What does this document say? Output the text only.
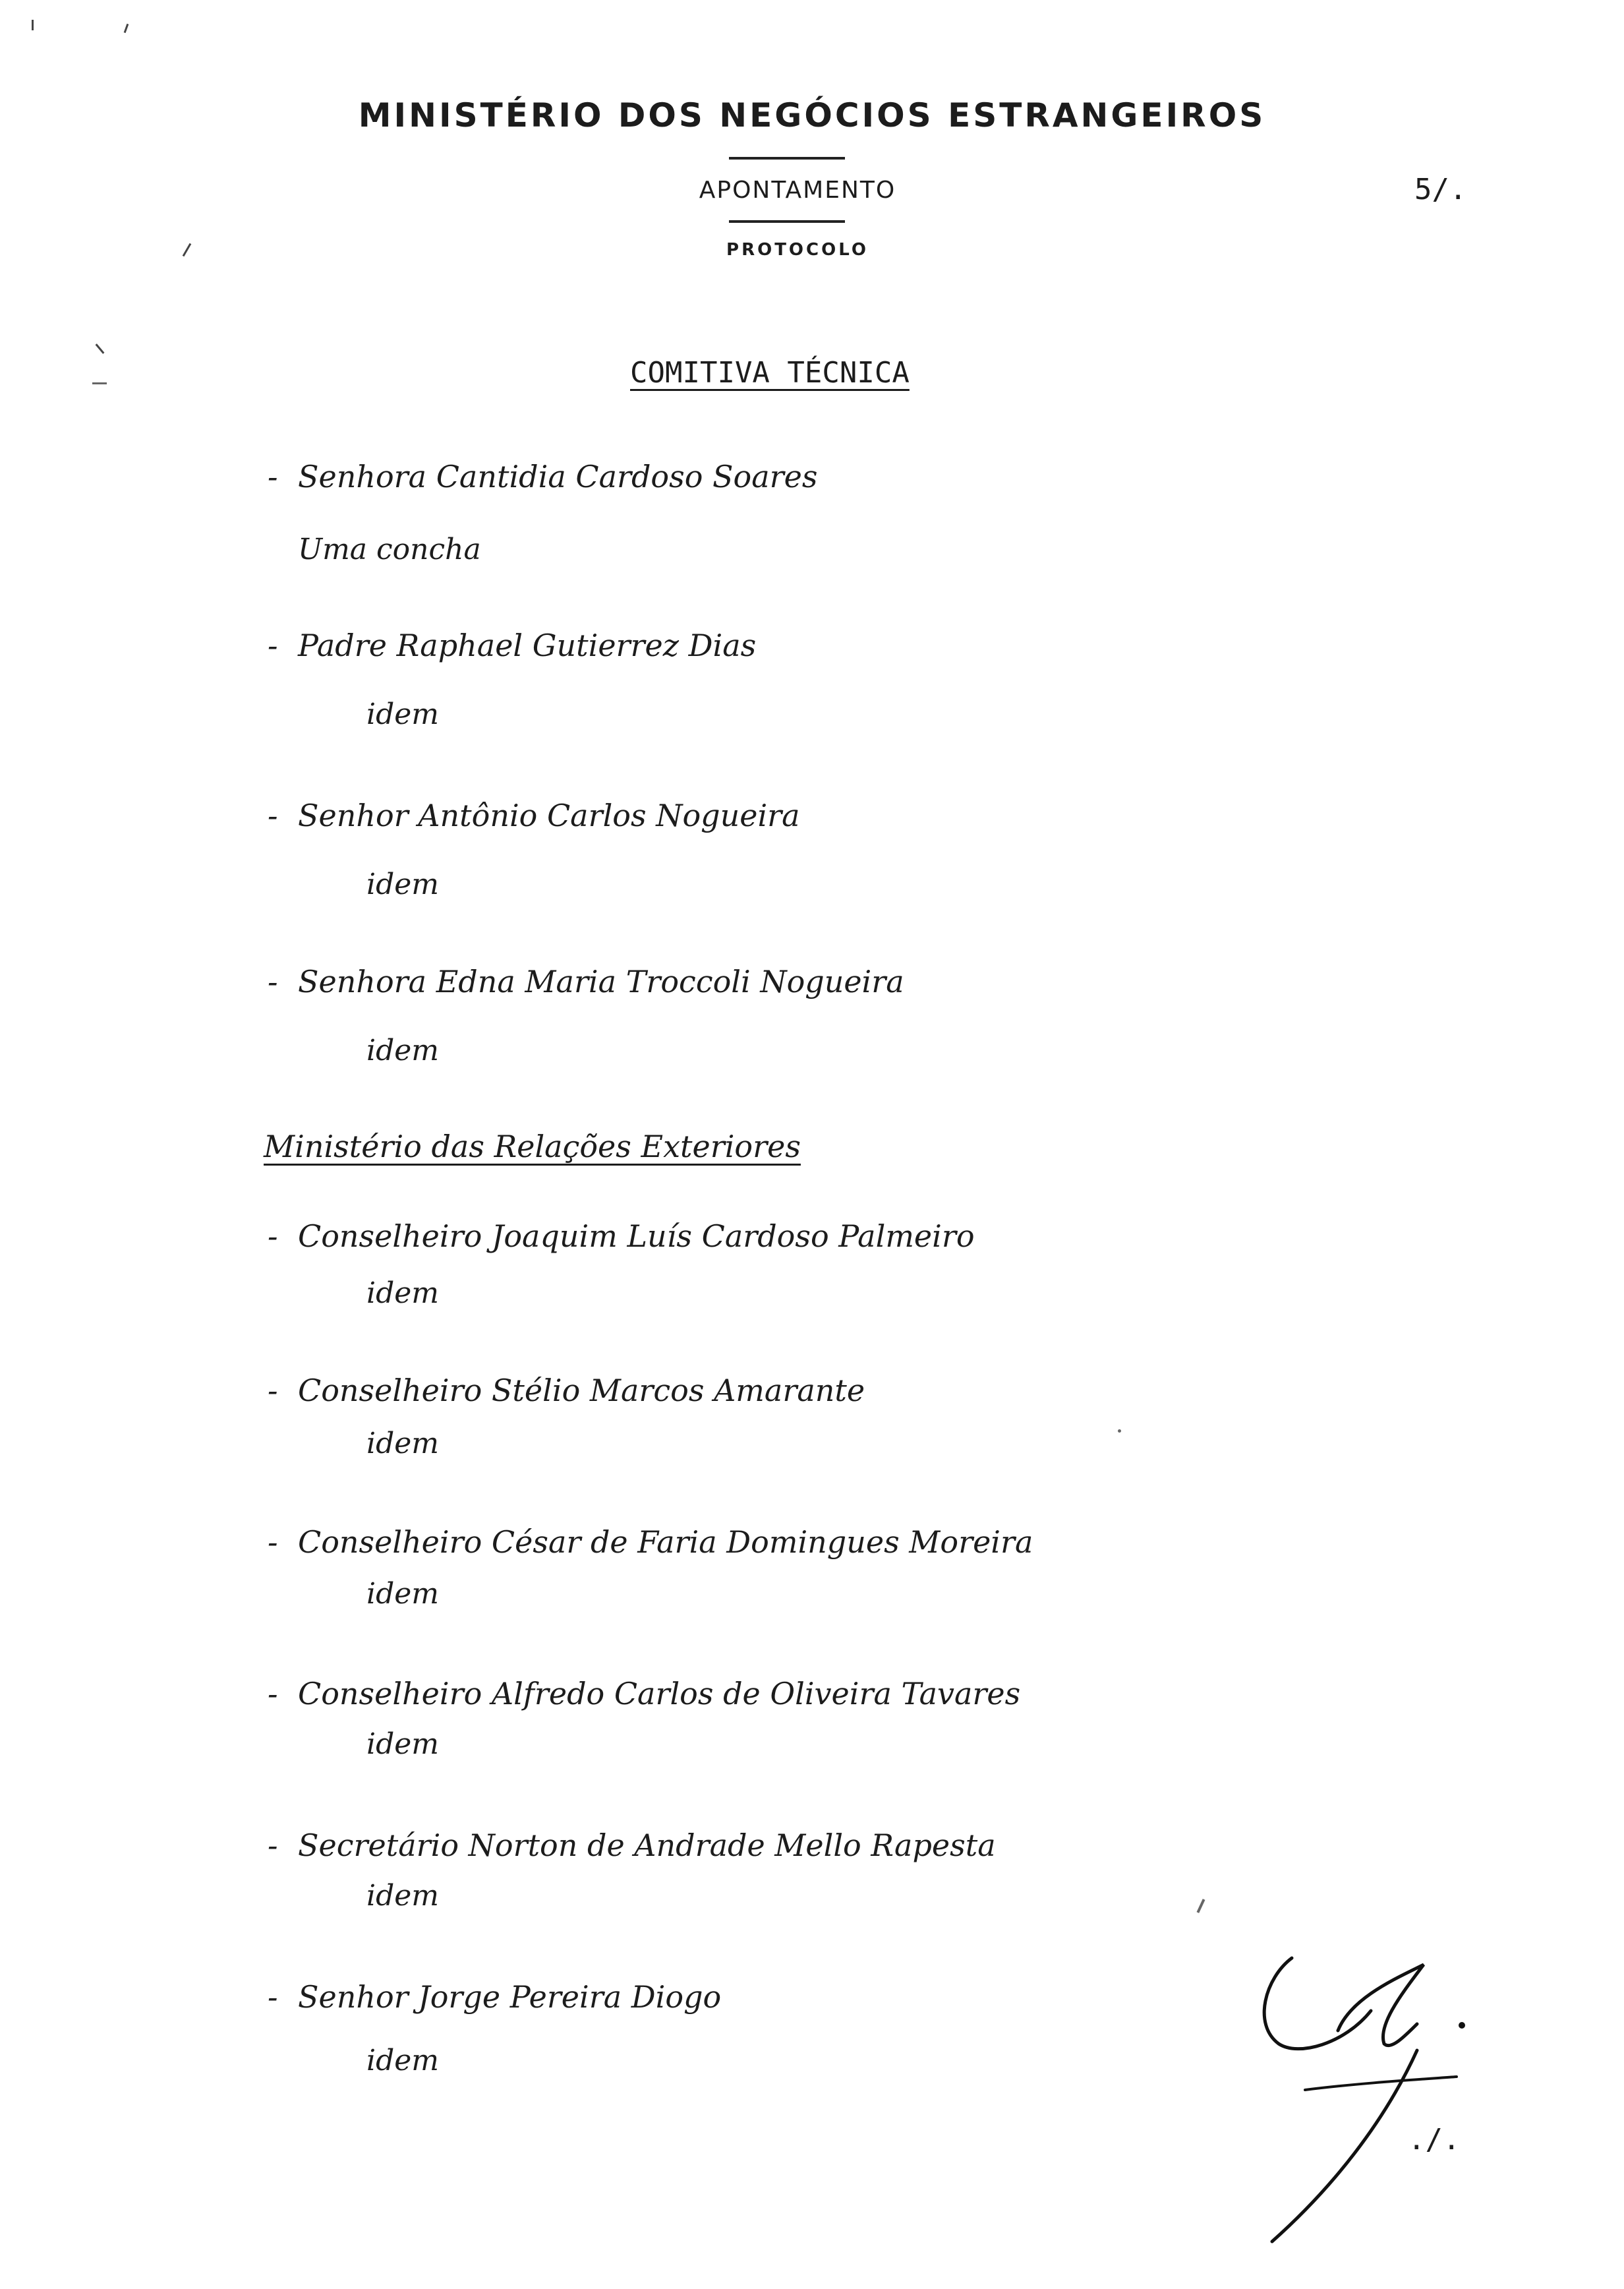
MINISTÉRIO DOS NEGÓCIOS ESTRANGEIROS
APONTAMENTO
PROTOCOLO
5/.
COMITIVA TÉCNICA
- Senhora Cantidia Cardoso Soares
Uma concha
- Padre Raphael Gutierrez Dias
idem
- Senhor Antônio Carlos Nogueira
idem
- Senhora Edna Maria Troccoli Nogueira
idem
Ministério das Relações Exteriores
- Conselheiro Joaquim Luís Cardoso Palmeiro
idem
- Conselheiro Stélio Marcos Amarante
idem
- Conselheiro César de Faria Domingues Moreira
idem
- Conselheiro Alfredo Carlos de Oliveira Tavares
idem
- Secretário Norton de Andrade Mello Rapesta
idem
- Senhor Jorge Pereira Diogo
idem
./.
